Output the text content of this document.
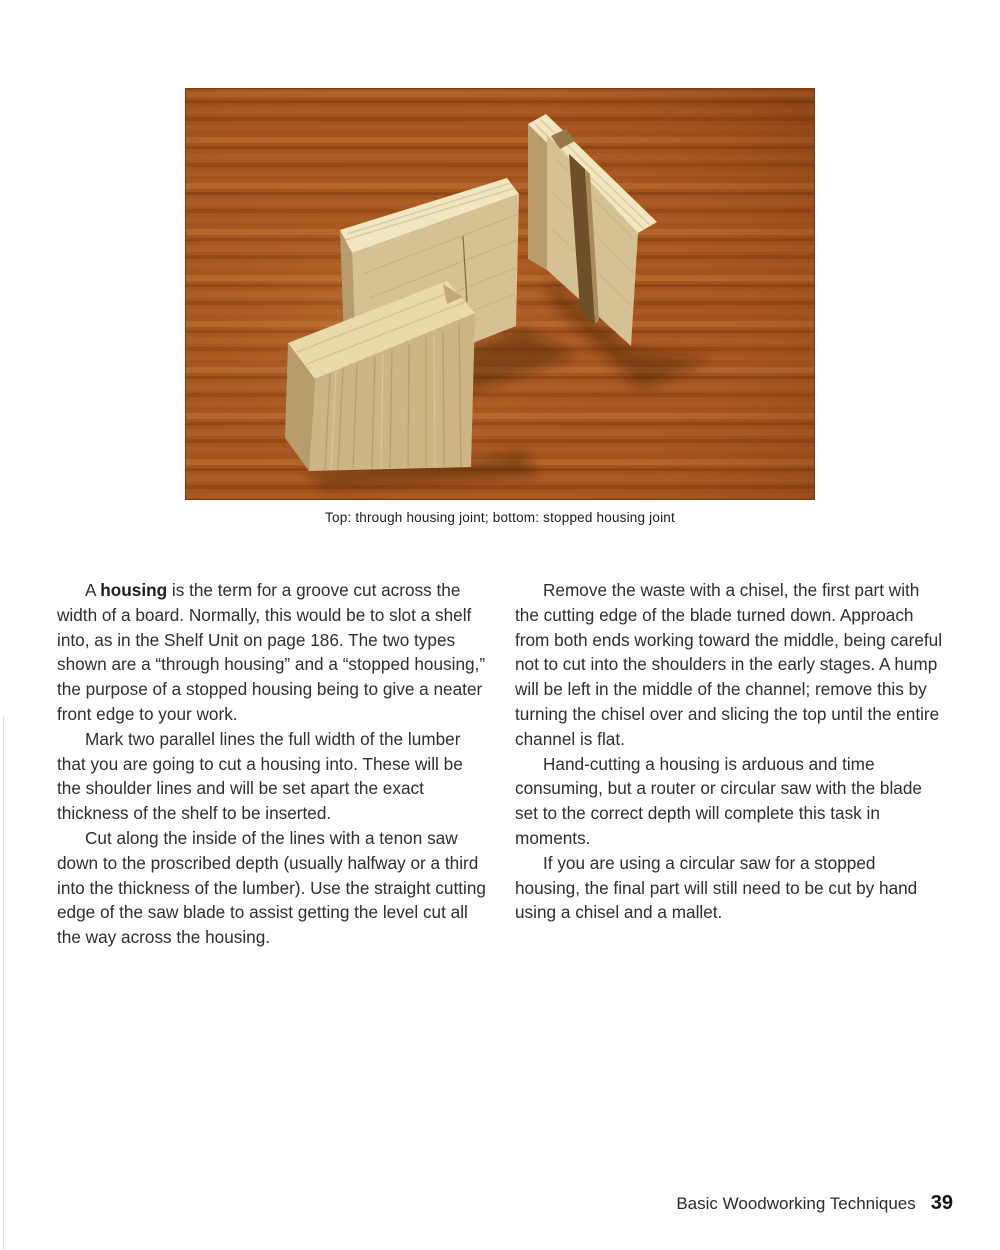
Top: through housing joint; bottom: stopped housing joint

A housing is the term for a groove cut across the width of a board. Normally, this would be to slot a shelf into, as in the Shelf Unit on page 186. The two types shown are a “through housing” and a “stopped housing,” the purpose of a stopped housing being to give a neater front edge to your work.

Mark two parallel lines the full width of the lumber that you are going to cut a housing into. These will be the shoulder lines and will be set apart the exact thickness of the shelf to be inserted.

Cut along the inside of the lines with a tenon saw down to the proscribed depth (usually halfway or a third into the thickness of the lumber). Use the straight cutting edge of the saw blade to assist getting the level cut all the way across the housing.

Remove the waste with a chisel, the first part with the cutting edge of the blade turned down. Approach from both ends working toward the middle, being careful not to cut into the shoulders in the early stages. A hump will be left in the middle of the channel; remove this by turning the chisel over and slicing the top until the entire channel is flat.

Hand-cutting a housing is arduous and time consuming, but a router or circular saw with the blade set to the correct depth will complete this task in moments.

If you are using a circular saw for a stopped housing, the final part will still need to be cut by hand using a chisel and a mallet.

Basic Woodworking Techniques 39
